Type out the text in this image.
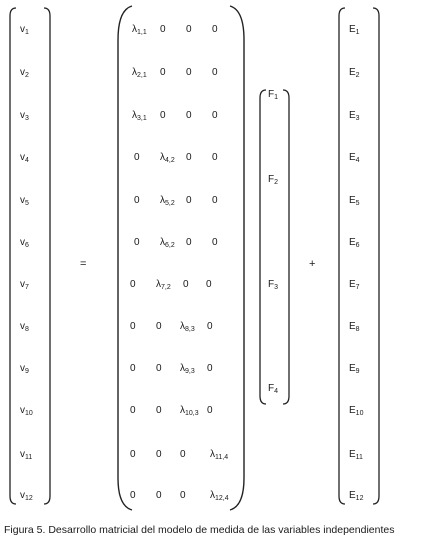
$v_1$
$v_2$
$v_3$
$v_4$
$v_5$
$v_6$
$v_7$
$v_8$
$v_9$
$v_{10}$
$v_{11}$
$v_{12}$
$\lambda_{1,1}$ 0 0 0
$\lambda_{2,1}$ 0 0 0
$\lambda_{3,1}$ 0 0 0
0 $\lambda_{4,2}$ 0 0
0 $\lambda_{5,2}$ 0 0
0 $\lambda_{6,2}$ 0 0
0 $\lambda_{7,2}$ 0 0
0 0 $\lambda_{8,3}$ 0
0 0 $\lambda_{9,3}$ 0
0 0 $\lambda_{10,3}$ 0
0 0 0 $\lambda_{11,4}$
0 0 0 $\lambda_{12,4}$
$F_1$
$F_2$
$F_3$
$F_4$
$E_1$
$E_2$
$E_3$
$E_4$
$E_5$
$E_6$
$E_7$
$E_8$
$E_9$
$E_{10}$
$E_{11}$
$E_{12}$
=	+
Figura 5. Desarrollo matricial del modelo de medida de las variables independientes
